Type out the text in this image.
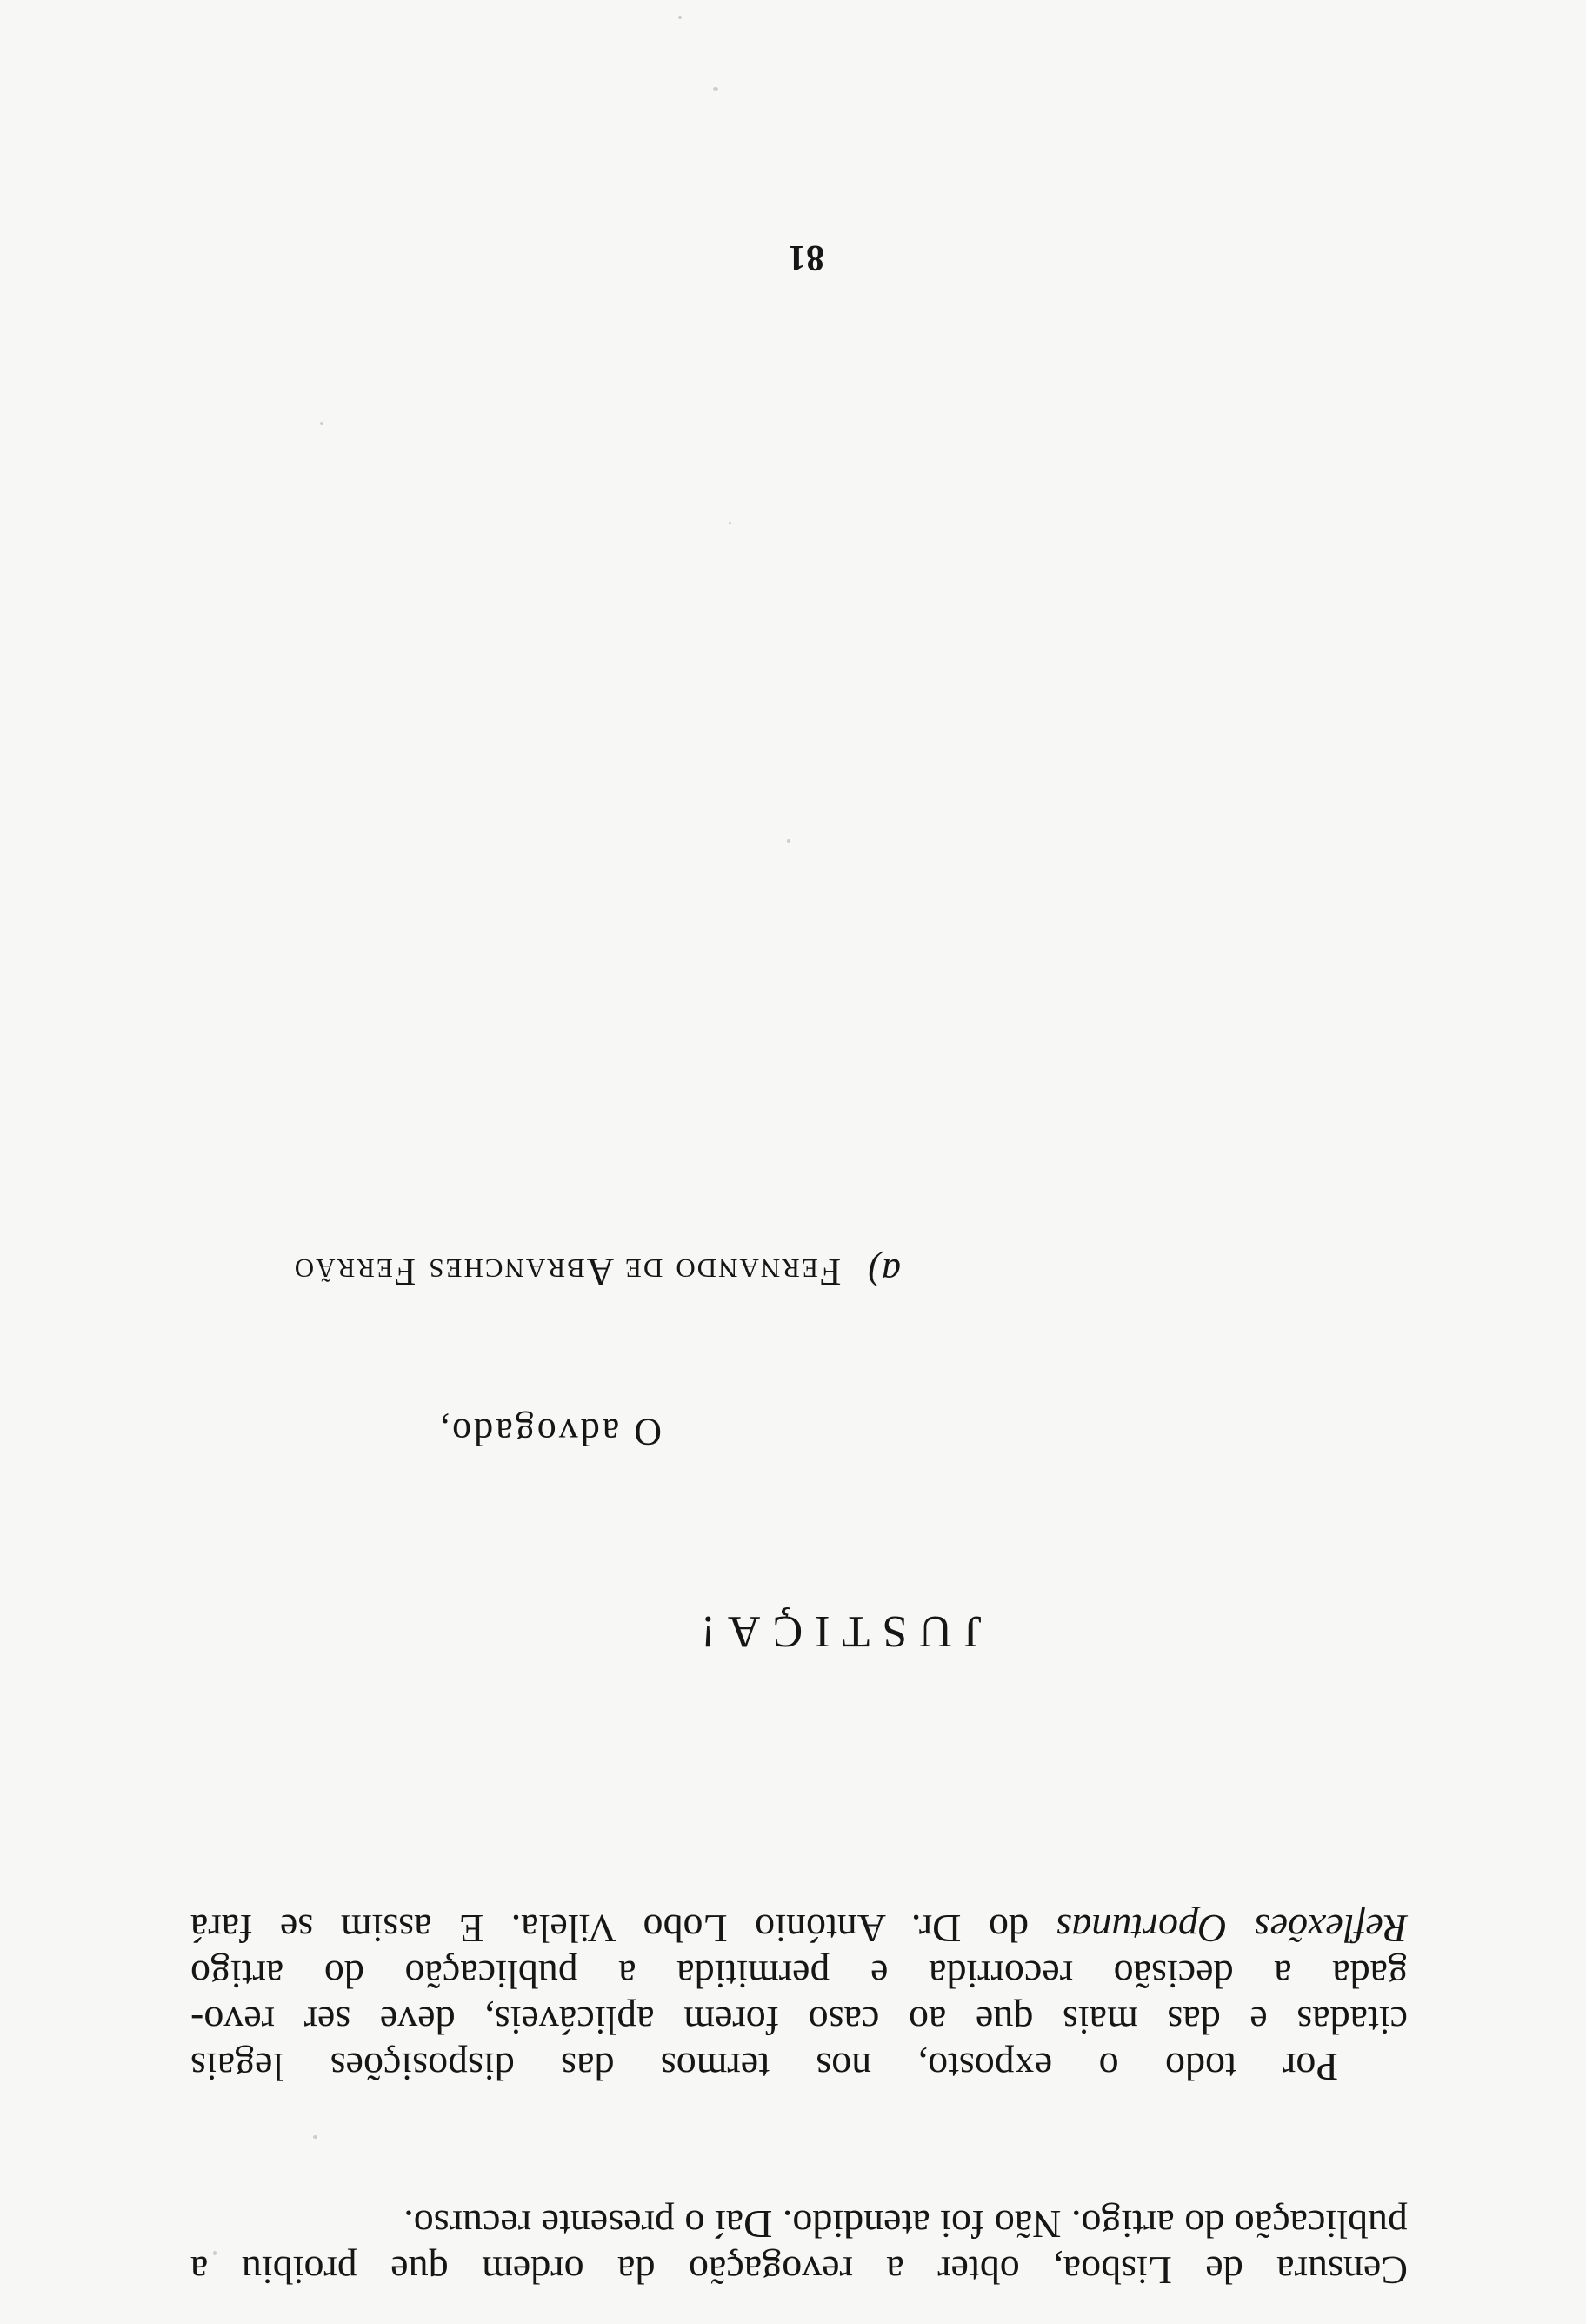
Censura de Lisboa, obter a revogação da ordem que proibiu a
publicação do artigo. Não foi atendido. Daí o presente recurso.
Por todo o exposto, nos termos das disposições legais
citadas e das mais que ao caso forem aplicáveis, deve ser revo-
gada a decisão recorrida e permitida a publicação do artigo
Reflexões Oportunas do Dr. António Lobo Vilela. E assim se fará
JUSTIÇA!
O advogado,
a)Fernando de Abranches Ferrão
81
